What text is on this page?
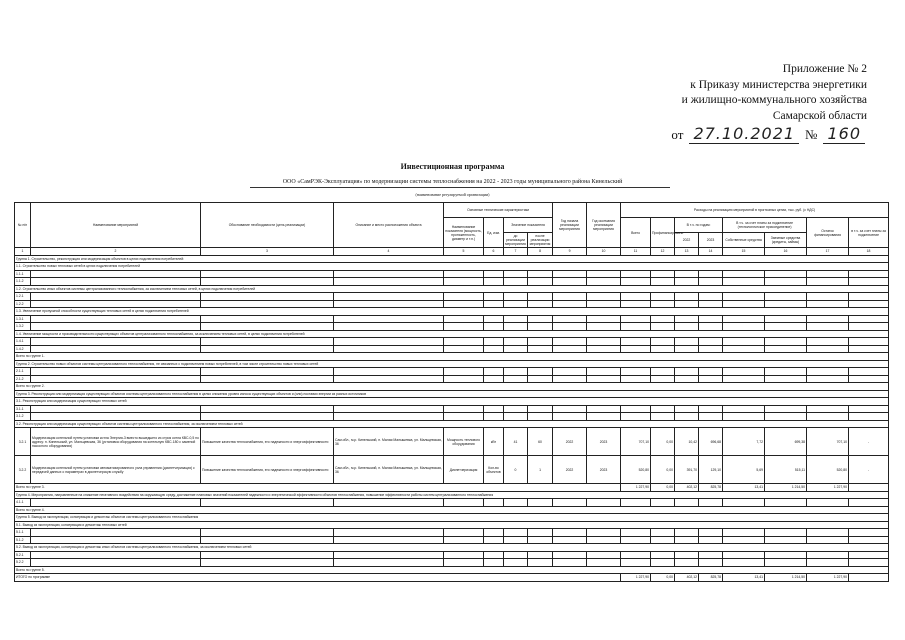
Приложение № 2
к Приказу министерства энергетики
и жилищно-коммунального хозяйства
Самарской области
от 27.10.2021 № 160
Инвестиционная программа
ООО «СамРЭК-Эксплуатация» по модернизации системы теплоснабжения на 2022 - 2023 годы муниципального района Кинельский
(наименование регулируемой организации)
№ п/п	Наименование мероприятий	Обоснование необходимости (цель реализации)	Описание и место расположения объекта	Основные технические характеристики				Год начала реализации мероприятия	Год окончания реализации мероприятия	Расходы на реализацию мероприятий в прогнозных ценах, тыс. руб. (с НДС)							
				Наименование показателя (мощность, протяженность, диаметр и т.п.)	Ед. изм.	Значение показателя				Всего	Профинансировано	В т.ч. по годам:		В т.ч. за счет платы за подключение (технологическое присоединение)		Остаток финансирования	в т.ч. за счет платы за подключение
						до реализации мероприятия	после реализации мероприятия					2022	2023	Собственные средства	Заемные средства (кредиты, займы)		

1	2	3	4	5	6	7	8	9	10	11	12	13	14	15	16	17	18
Группа 1. Строительство, реконструкция или модернизация объектов в целях подключения потребителей:																	
1.1. Строительство новых тепловых сетей в целях подключения потребителей																	
1.1.1																	
1.1.2																	
1.2. Строительство иных объектов системы централизованного теплоснабжения, за исключением тепловых сетей, в целях подключения потребителей																	
1.2.1																	
1.2.2																	
1.3. Увеличение пропускной способности существующих тепловых сетей в целях подключения потребителей																	
1.3.1																	
1.3.2																	
1.4. Увеличение мощности и производительности существующих объектов централизованного теплоснабжения, за исключением тепловых сетей, в целях подключения потребителей																	
1.4.1																	
1.4.2																	
Всего по группе 1.																	
Группа 2. Строительство новых объектов системы централизованного теплоснабжения, не связанных с подключением новых потребителей, в том числе строительство новых тепловых сетей																	
2.1.1																	
2.1.2																	
Всего по группе 2.																	
Группа 3. Реконструкция или модернизация существующих объектов системы централизованного теплоснабжения в целях снижения уровня износа существующих объектов и (или) поставки энергии из разных источников																	
3.1. Реконструкция или модернизация существующих тепловых сетей																	
3.1.1																	
3.1.2																	
3.2. Реконструкция или модернизация существующих объектов системы централизованного теплоснабжения, за исключением тепловых сетей																	
3.2.1	Модернизация котельной путем установки котла Энергия-3 вместо вышедшего из строя котла КВС-0,5 по адресу: п. Кинельский, ул. Мальцевская, 36 (установка оборудования на котельную КВС-180 с заменой насосного оборудования)	Повышение качества теплоснабжения, его надежности и энергоэффективности	Сам.обл., м.р. Кинельский, п. Малая Малышевка, ул. Мальцевская, 36	Мощность теплового оборудования	кВт	41	60	2022	2023	707,10	0,00	10,42	696,68	7,72	699,38	707,10	-
3.2.2	Модернизация котельной путем установки автоматизированного узла управления (диспетчеризация) с передачей данных о параметрах в диспетчерскую службу	Повышение качества теплоснабжения, его надежности и энергоэффективности	Сам.обл., м.р. Кинельский, п. Малая Малышевка, ул. Мальцевская, 36	Диспетчеризация	Кол-во объектов	0	1	2022	2023	520,80	0,00	391,70	129,10	5,69	515,11	520,80	-
Всего по группе 3.										1 227,90	0,00	402,12	825,78	13,41	1 214,50	1 227,90	
Группа 4. Мероприятия, направленные на снижение негативного воздействия на окружающую среду, достижение плановых значений показателей надежности и энергетической эффективности объектов теплоснабжения, повышение эффективности работы систем централизованного теплоснабжения																	
4.1.1																	
Всего по группе 4.																	
Группа 5. Вывод из эксплуатации, консервация и демонтаж объектов системы централизованного теплоснабжения																	
5.1. Вывод из эксплуатации, консервация и демонтаж тепловых сетей																	
5.1.1																	
5.1.2																	
5.2. Вывод из эксплуатации, консервация и демонтаж иных объектов системы централизованного теплоснабжения, за исключением тепловых сетей																	
5.2.1																	
5.2.2																	
Всего по группе 5.																	
ИТОГО по программе										1 227,90	0,00	402,12	825,78	13,41	1 214,50	1 227,90	
